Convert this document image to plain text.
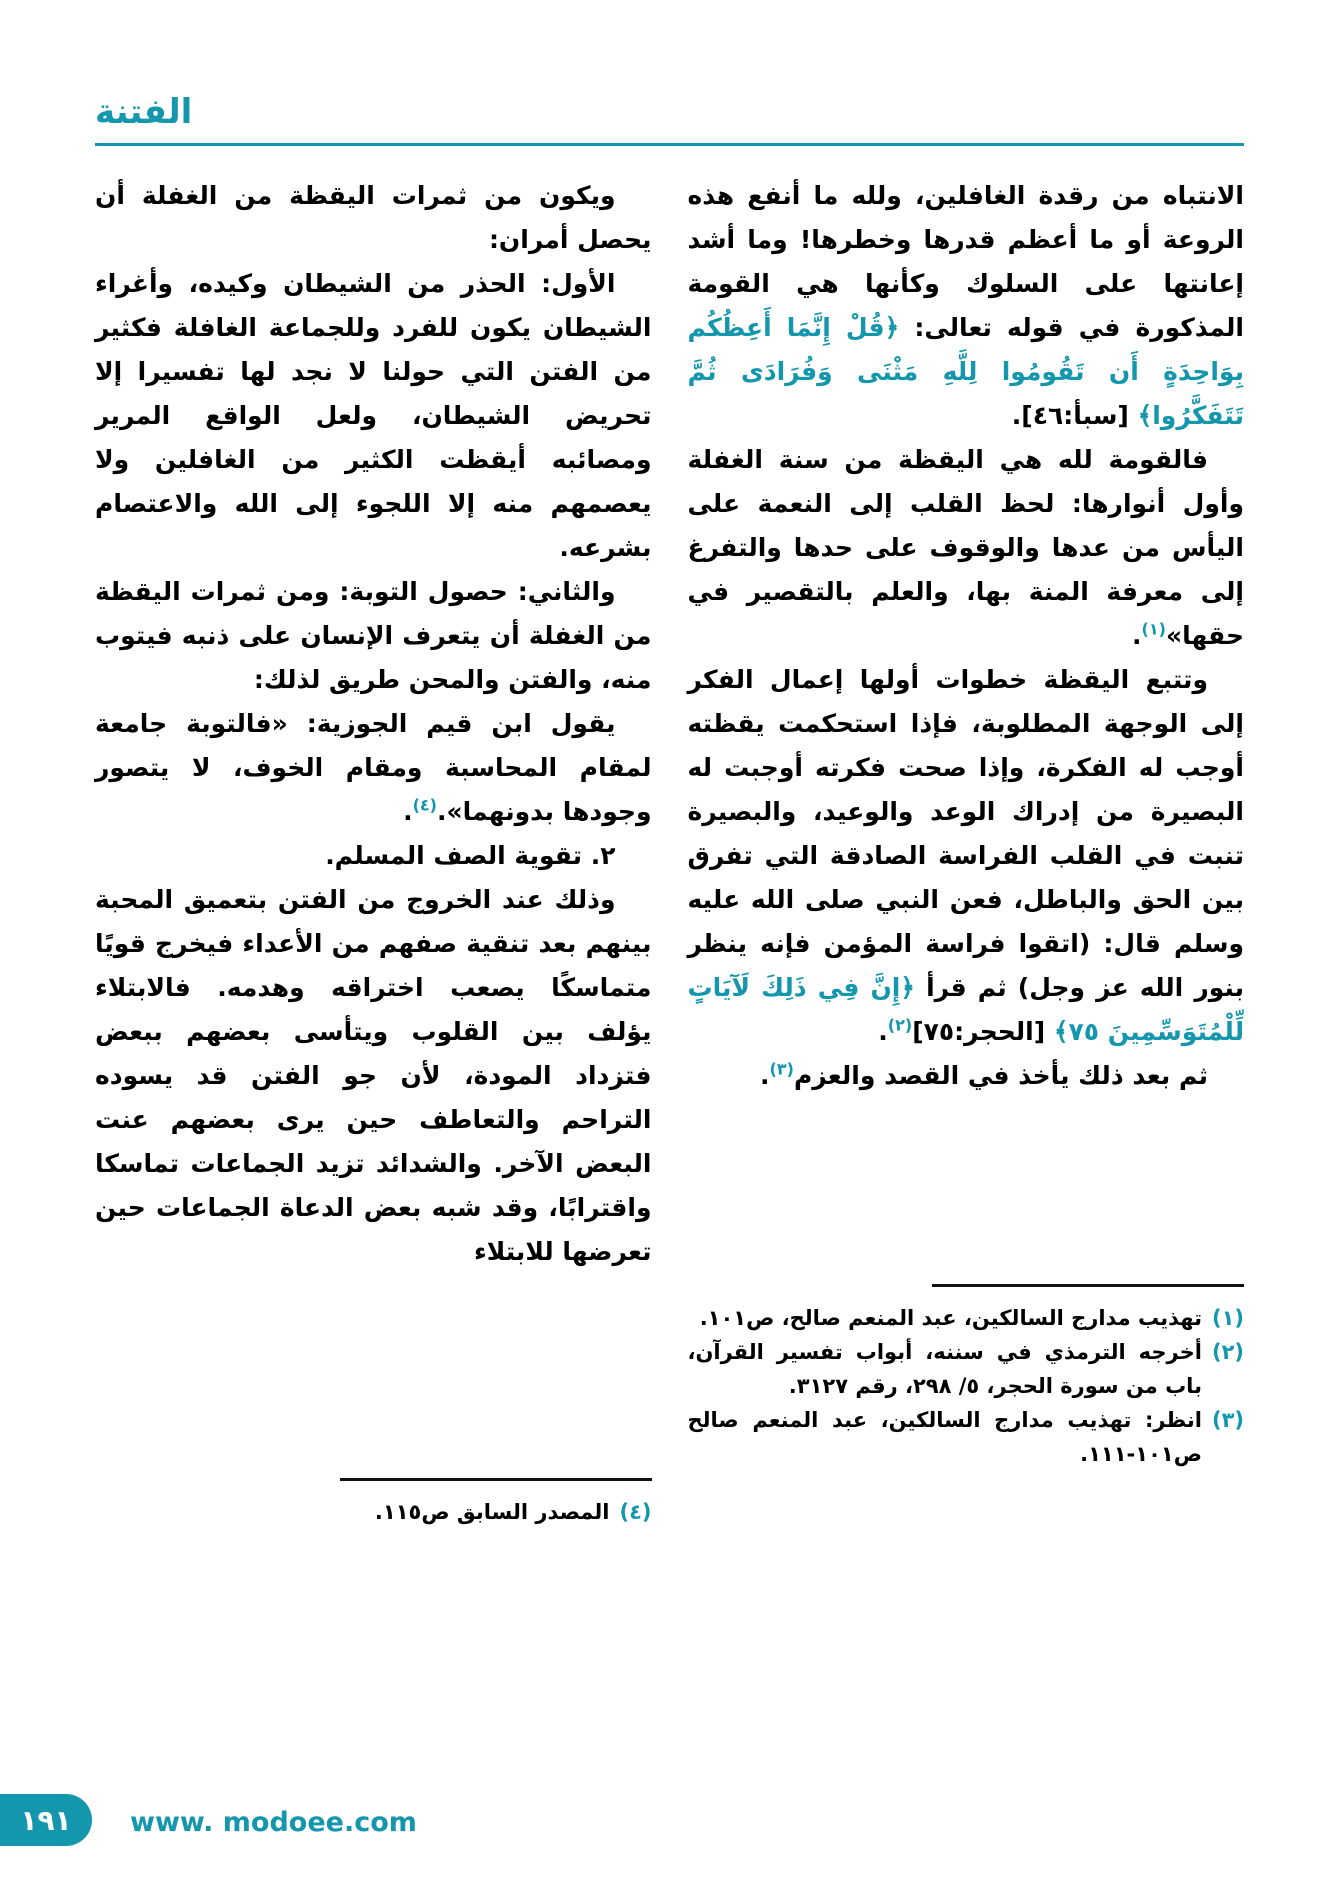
الفتنة

الانتباه من رقدة الغافلين، ولله ما أنفع هذه الروعة أو ما أعظم قدرها وخطرها! وما أشد إعانتها على السلوك وكأنها هي القومة المذكورة في قوله تعالى: ﴿قُلْ إِنَّمَا أَعِظُكُم بِوَاحِدَةٍ أَن تَقُومُوا لِلَّهِ مَثْنَى وَفُرَادَى ثُمَّ تَتَفَكَّرُوا﴾ [سبأ:٤٦].

فالقومة لله هي اليقظة من سنة الغفلة وأول أنوارها: لحظ القلب إلى النعمة على اليأس من عدها والوقوف على حدها والتفرغ إلى معرفة المنة بها، والعلم بالتقصير في حقها»$^{(١)}$.

وتتبع اليقظة خطوات أولها إعمال الفكر إلى الوجهة المطلوبة، فإذا استحكمت يقظته أوجب له الفكرة، وإذا صحت فكرته أوجبت له البصيرة من إدراك الوعد والوعيد، والبصيرة تنبت في القلب الفراسة الصادقة التي تفرق بين الحق والباطل، فعن النبي صلى الله عليه وسلم قال: (اتقوا فراسة المؤمن فإنه ينظر بنور الله عز وجل) ثم قرأ ﴿إِنَّ فِي ذَلِكَ لَآيَاتٍ لِّلْمُتَوَسِّمِينَ ٧٥﴾ [الحجر:٧٥]$^{(٢)}$.

ثم بعد ذلك يأخذ في القصد والعزم$^{(٣)}$.

(١)
تهذيب مدارج السالكين، عبد المنعم صالح، ص١٠١.
(٢)
أخرجه الترمذي في سننه، أبواب تفسير القرآن، باب من سورة الحجر، ٥/ ٢٩٨، رقم ٣١٢٧.
(٣)
انظر: تهذيب مدارج السالكين، عبد المنعم صالح ص١٠١-١١١.

ويكون من ثمرات اليقظة من الغفلة أن يحصل أمران:

الأول: الحذر من الشيطان وكيده، وأغراء الشيطان يكون للفرد وللجماعة الغافلة فكثير من الفتن التي حولنا لا نجد لها تفسيرا إلا تحريض الشيطان، ولعل الواقع المرير ومصائبه أيقظت الكثير من الغافلين ولا يعصمهم منه إلا اللجوء إلى الله والاعتصام بشرعه.

والثاني: حصول التوبة: ومن ثمرات اليقظة من الغفلة أن يتعرف الإنسان على ذنبه فيتوب منه، والفتن والمحن طريق لذلك:

يقول ابن قيم الجوزية: «فالتوبة جامعة لمقام المحاسبة ومقام الخوف، لا يتصور وجودها بدونهما».$^{(٤)}$.

٢. تقوية الصف المسلم.

وذلك عند الخروج من الفتن بتعميق المحبة بينهم بعد تنقية صفهم من الأعداء فيخرج قويًا متماسكًا يصعب اختراقه وهدمه. فالابتلاء يؤلف بين القلوب ويتأسى بعضهم ببعض فتزداد المودة، لأن جو الفتن قد يسوده التراحم والتعاطف حين يرى بعضهم عنت البعض الآخر. والشدائد تزيد الجماعات تماسكا واقترابًا، وقد شبه بعض الدعاة الجماعات حين تعرضها للابتلاء

(٤)
المصدر السابق ص١١٥.
١٩١ www. modoee.com
